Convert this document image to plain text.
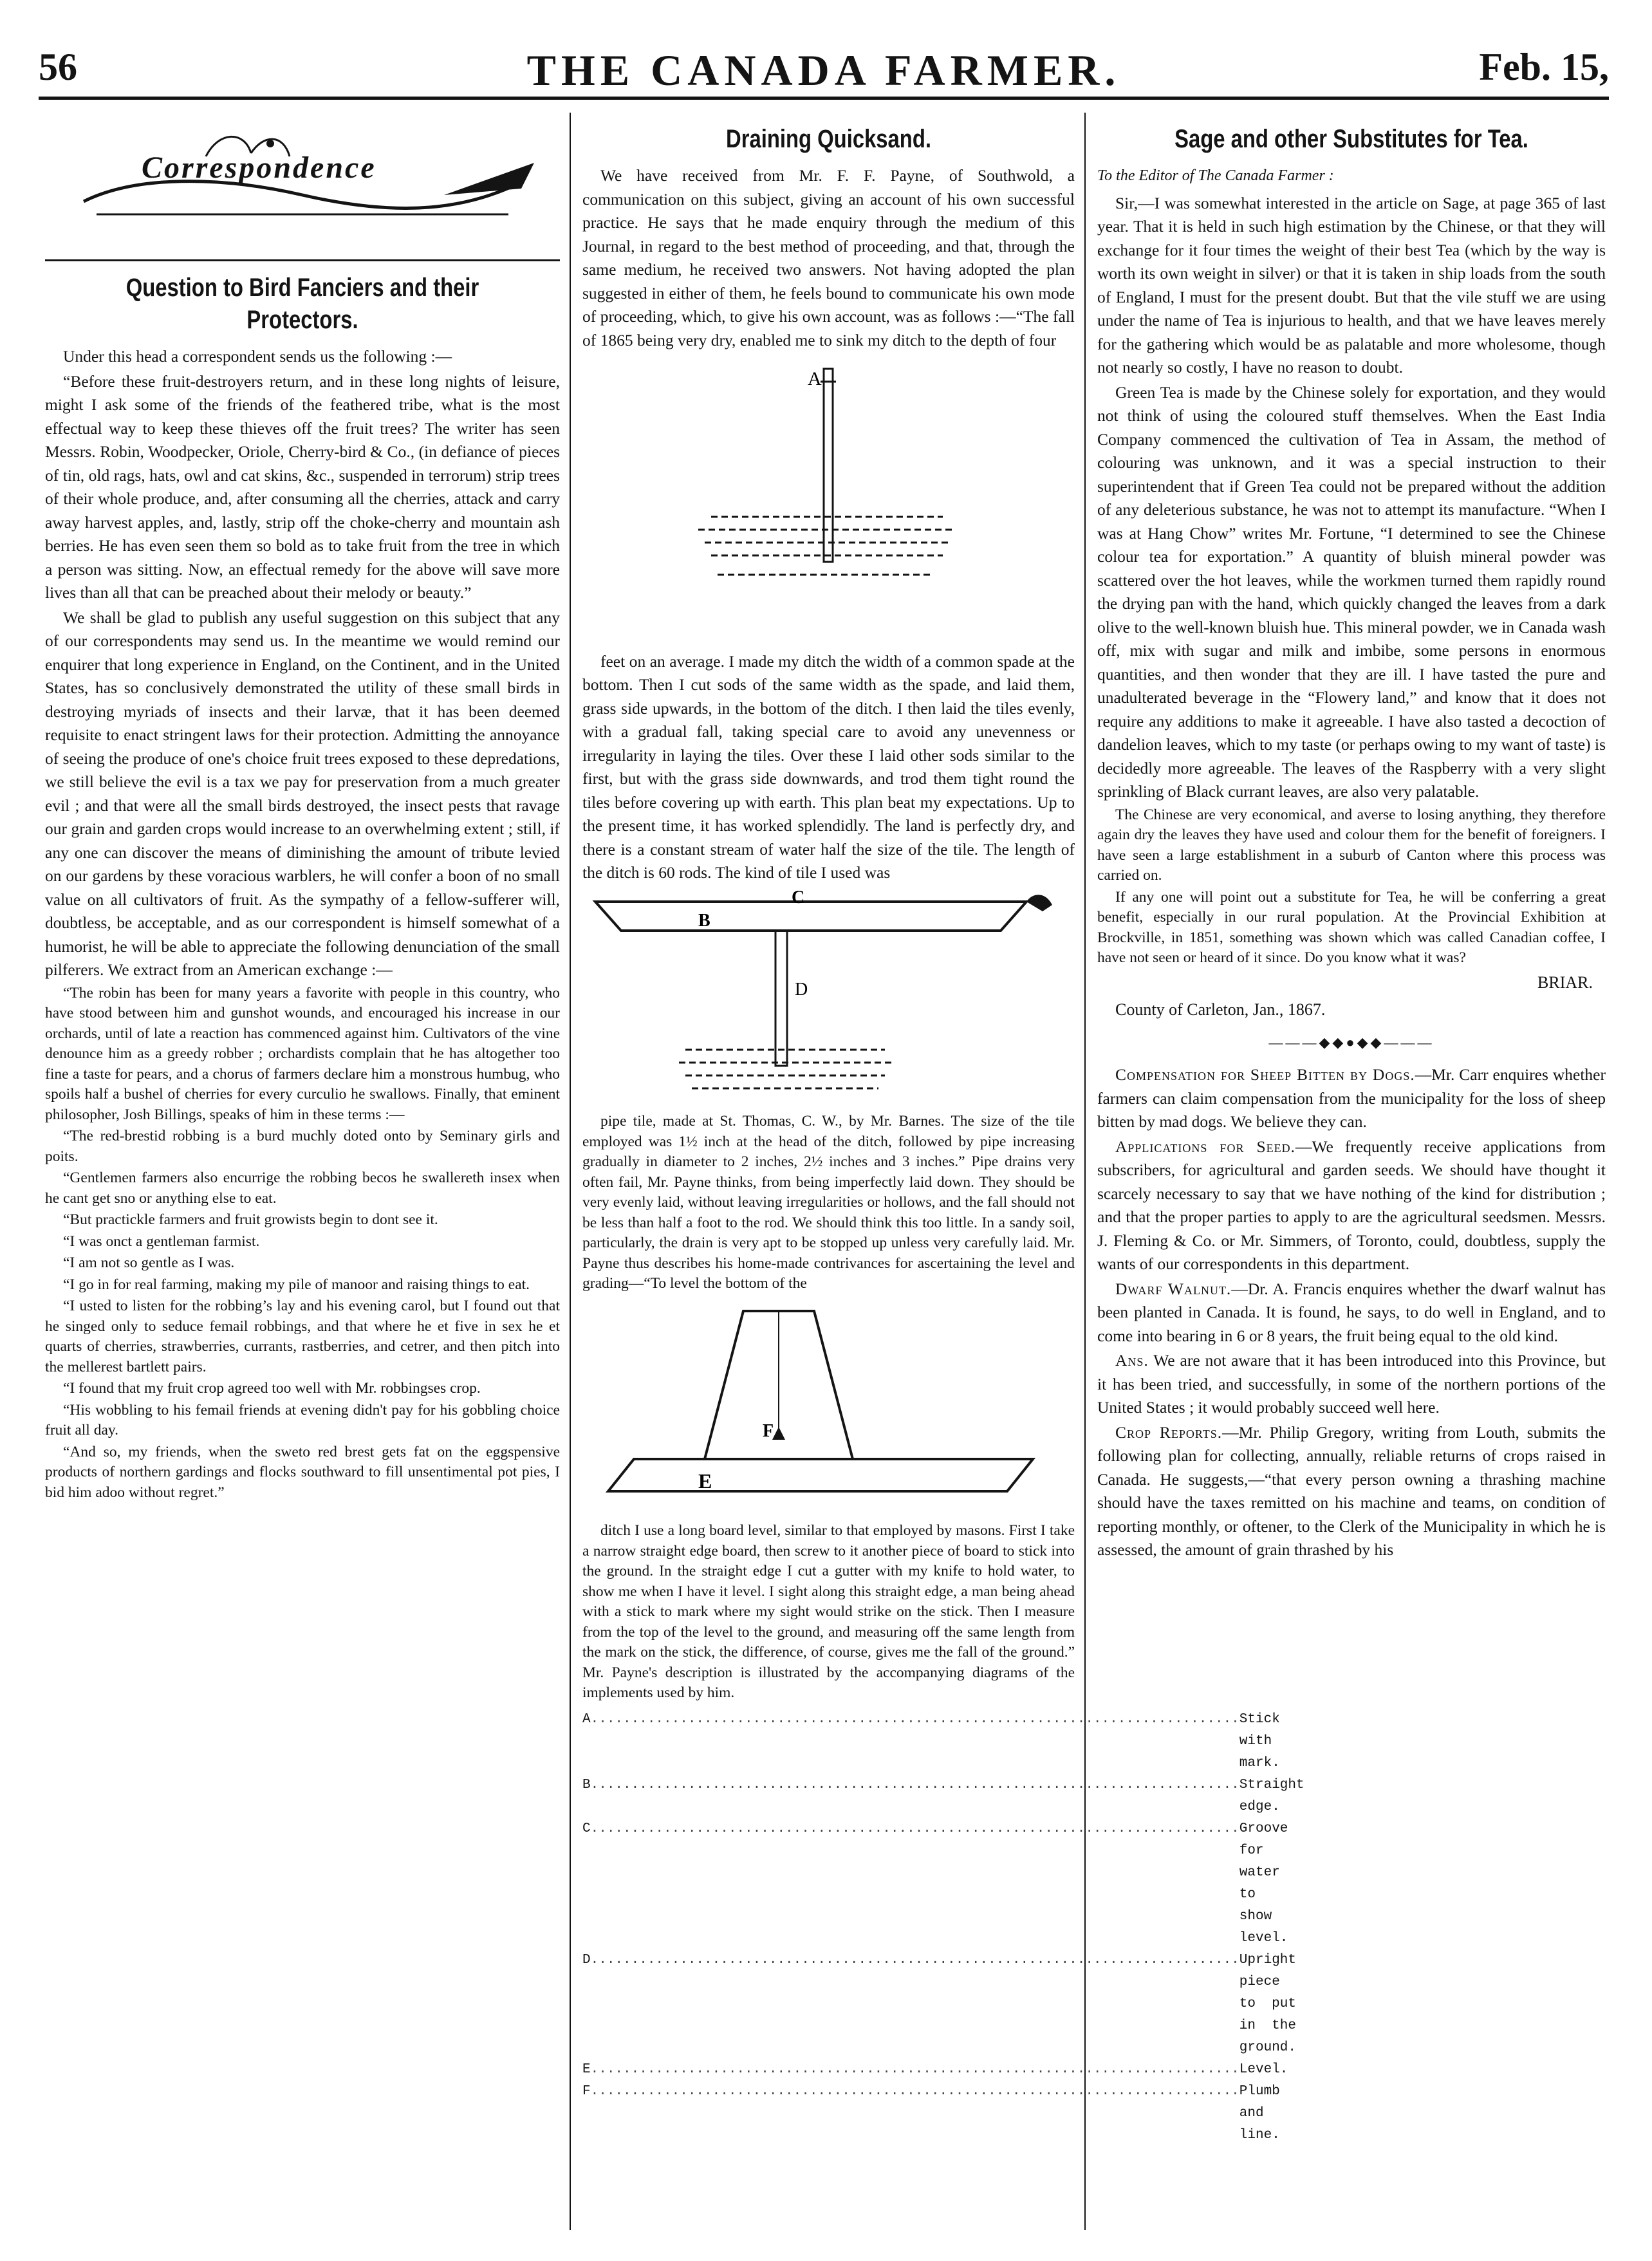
56	THE CANADA FARMER.	Feb. 15,
Correspondence
Question to Bird Fanciers and their Protectors.

Under this head a correspondent sends us the following :—

“Before these fruit-destroyers return, and in these long nights of leisure, might I ask some of the friends of the feathered tribe, what is the most effectual way to keep these thieves off the fruit trees? The writer has seen Messrs. Robin, Woodpecker, Oriole, Cherry-bird & Co., (in defiance of pieces of tin, old rags, hats, owl and cat skins, &c., suspended in terrorum) strip trees of their whole produce, and, after consuming all the cherries, attack and carry away harvest apples, and, lastly, strip off the choke-cherry and mountain ash berries. He has even seen them so bold as to take fruit from the tree in which a person was sitting. Now, an effectual remedy for the above will save more lives than all that can be preached about their melody or beauty.”

We shall be glad to publish any useful suggestion on this subject that any of our correspondents may send us. In the meantime we would remind our enquirer that long experience in England, on the Continent, and in the United States, has so conclusively demonstrated the utility of these small birds in destroying myriads of insects and their larvæ, that it has been deemed requisite to enact stringent laws for their protection. Admitting the annoyance of seeing the produce of one's choice fruit trees exposed to these depredations, we still believe the evil is a tax we pay for preservation from a much greater evil ; and that were all the small birds destroyed, the insect pests that ravage our grain and garden crops would increase to an overwhelming extent ; still, if any one can discover the means of diminishing the amount of tribute levied on our gardens by these voracious warblers, he will confer a boon of no small value on all cultivators of fruit. As the sympathy of a fellow-sufferer will, doubtless, be acceptable, and as our correspondent is himself somewhat of a humorist, he will be able to appreciate the following denunciation of the small pilferers. We extract from an American exchange :—

“The robin has been for many years a favorite with people in this country, who have stood between him and gunshot wounds, and encouraged his increase in our orchards, until of late a reaction has commenced against him. Cultivators of the vine denounce him as a greedy robber ; orchardists complain that he has altogether too fine a taste for pears, and a chorus of farmers declare him a monstrous humbug, who spoils half a bushel of cherries for every curculio he swallows. Finally, that eminent philosopher, Josh Billings, speaks of him in these terms :—

“The red-brestid robbing is a burd muchly doted onto by Seminary girls and poits.

“Gentlemen farmers also encurrige the robbing becos he swallereth insex when he cant get sno or anything else to eat.

“But practickle farmers and fruit growists begin to dont see it.

“I was onct a gentleman farmist.

“I am not so gentle as I was.

“I go in for real farming, making my pile of manoor and raising things to eat.

“I usted to listen for the robbing’s lay and his evening carol, but I found out that he singed only to seduce femail robbings, and that where he et five in sex he et quarts of cherries, strawberries, currants, rastberries, and cetrer, and then pitch into the mellerest bartlett pairs.

“I found that my fruit crop agreed too well with Mr. robbingses crop.

“His wobbling to his femail friends at evening didn't pay for his gobbling choice fruit all day.

“And so, my friends, when the sweto red brest gets fat on the eggspensive products of northern gardings and flocks southward to fill unsentimental pot pies, I bid him adoo without regret.”

Draining Quicksand.

We have received from Mr. F. F. Payne, of Southwold, a communication on this subject, giving an account of his own successful practice. He says that he made enquiry through the medium of this Journal, in regard to the best method of proceeding, and that, through the same medium, he received two answers. Not having adopted the plan suggested in either of them, he feels bound to communicate his own mode of proceeding, which, to give his own account, was as follows :—“The fall of 1865 being very dry, enabled me to sink my ditch to the depth of four

A

feet on an average. I made my ditch the width of a common spade at the bottom. Then I cut sods of the same width as the spade, and laid them, grass side upwards, in the bottom of the ditch. I then laid the tiles evenly, with a gradual fall, taking special care to avoid any unevenness or irregularity in laying the tiles. Over these I laid other sods similar to the first, but with the grass side downwards, and trod them tight round the tiles before covering up with earth. This plan beat my expectations. Up to the present time, it has worked splendidly. The land is perfectly dry, and there is a constant stream of water half the size of the tile. The length of the ditch is 60 rods. The kind of tile I used was

B
C
D

pipe tile, made at St. Thomas, C. W., by Mr. Barnes. The size of the tile employed was 1½ inch at the head of the ditch, followed by pipe increasing gradually in diameter to 2 inches, 2½ inches and 3 inches.” Pipe drains very often fail, Mr. Payne thinks, from being imperfectly laid down. They should be very evenly laid, without leaving irregularities or hollows, and the fall should not be less than half a foot to the rod. We should think this too little. In a sandy soil, particularly, the drain is very apt to be stopped up unless very carefully laid. Mr. Payne thus describes his home-made contrivances for ascertaining the level and grading—“To level the bottom of the

F
E

ditch I use a long board level, similar to that employed by masons. First I take a narrow straight edge board, then screw to it another piece of board to stick into the ground. In the straight edge I cut a gutter with my knife to hold water, to show me when I have it level. I sight along this straight edge, a man being ahead with a stick to mark where my sight would strike on the stick. Then I measure from the top of the level to the ground, and measuring off the same length from the mark on the stick, the difference, of course, gives me the fall of the ground.” Mr. Payne's description is illustrated by the accompanying diagrams of the implements used by him.

A ................................................................................ Stick with mark.
B ................................................................................ Straight edge.
C ................................................................................ Groove for water to show level.
D ................................................................................ Upright piece to put in the ground.
E ................................................................................ Level.
F ................................................................................ Plumb and line.
Sage and other Substitutes for Tea.

To the Editor of The Canada Farmer :

Sir,—I was somewhat interested in the article on Sage, at page 365 of last year. That it is held in such high estimation by the Chinese, or that they will exchange for it four times the weight of their best Tea (which by the way is worth its own weight in silver) or that it is taken in ship loads from the south of England, I must for the present doubt. But that the vile stuff we are using under the name of Tea is injurious to health, and that we have leaves merely for the gathering which would be as palatable and more wholesome, though not nearly so costly, I have no reason to doubt.

Green Tea is made by the Chinese solely for exportation, and they would not think of using the coloured stuff themselves. When the East India Company commenced the cultivation of Tea in Assam, the method of colouring was unknown, and it was a special instruction to their superintendent that if Green Tea could not be prepared without the addition of any deleterious substance, he was not to attempt its manufacture. “When I was at Hang Chow” writes Mr. Fortune, “I determined to see the Chinese colour tea for exportation.” A quantity of bluish mineral powder was scattered over the hot leaves, while the workmen turned them rapidly round the drying pan with the hand, which quickly changed the leaves from a dark olive to the well-known bluish hue. This mineral powder, we in Canada wash off, mix with sugar and milk and imbibe, some persons in enormous quantities, and then wonder that they are ill. I have tasted the pure and unadulterated beverage in the “Flowery land,” and know that it does not require any additions to make it agreeable. I have also tasted a decoction of dandelion leaves, which to my taste (or perhaps owing to my want of taste) is decidedly more agreeable. The leaves of the Raspberry with a very slight sprinkling of Black currant leaves, are also very palatable.

The Chinese are very economical, and averse to losing anything, they therefore again dry the leaves they have used and colour them for the benefit of foreigners. I have seen a large establishment in a suburb of Canton where this process was carried on.

If any one will point out a substitute for Tea, he will be conferring a great benefit, especially in our rural population. At the Provincial Exhibition at Brockville, in 1851, something was shown which was called Canadian coffee, I have not seen or heard of it since. Do you know what it was?

BRIAR.

County of Carleton, Jan., 1867.

———◆◆●◆◆———

Compensation for Sheep Bitten by Dogs.—Mr. Carr enquires whether farmers can claim compensation from the municipality for the loss of sheep bitten by mad dogs. We believe they can.

Applications for Seed.—We frequently receive applications from subscribers, for agricultural and garden seeds. We should have thought it scarcely necessary to say that we have nothing of the kind for distribution ; and that the proper parties to apply to are the agricultural seedsmen. Messrs. J. Fleming & Co. or Mr. Simmers, of Toronto, could, doubtless, supply the wants of our correspondents in this department.

Dwarf Walnut.—Dr. A. Francis enquires whether the dwarf walnut has been planted in Canada. It is found, he says, to do well in England, and to come into bearing in 6 or 8 years, the fruit being equal to the old kind.

Ans. We are not aware that it has been introduced into this Province, but it has been tried, and successfully, in some of the northern portions of the United States ; it would probably succeed well here.

Crop Reports.—Mr. Philip Gregory, writing from Louth, submits the following plan for collecting, annually, reliable returns of crops raised in Canada. He suggests,—“that every person owning a thrashing machine should have the taxes remitted on his machine and teams, on condition of reporting monthly, or oftener, to the Clerk of the Municipality in which he is assessed, the amount of grain thrashed by his
